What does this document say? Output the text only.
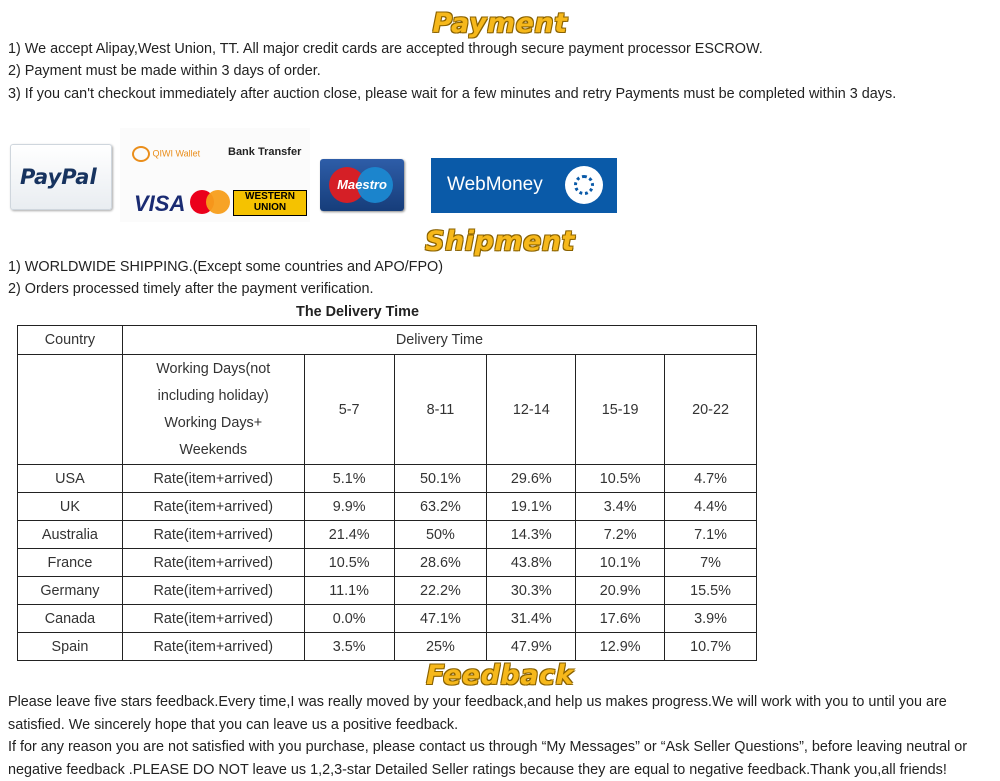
Payment
1) We accept Alipay,West Union, TT. All major credit cards are accepted through secure payment processor ESCROW.
2) Payment must be made within 3 days of order.
3) If you can't checkout immediately after auction close, please wait for a few minutes and retry Payments must be completed within 3 days.
PayPal
QIWI Wallet	Bank Transfer
VISA	WESTERN UNION
Maestro	WebMoney
Shipment
1) WORLDWIDE SHIPPING.(Except some countries and APO/FPO)
2) Orders processed timely after the payment verification.
The Delivery Time
Country	Delivery Time					

	Working Days(not
including holiday)
Working Days+
Weekends	5-7	8-11	12-14	15-19	20-22
USA	Rate(item+arrived)	5.1%	50.1%	29.6%	10.5%	4.7%
UK	Rate(item+arrived)	9.9%	63.2%	19.1%	3.4%	4.4%
Australia	Rate(item+arrived)	21.4%	50%	14.3%	7.2%	7.1%
France	Rate(item+arrived)	10.5%	28.6%	43.8%	10.1%	7%
Germany	Rate(item+arrived)	11.1%	22.2%	30.3%	20.9%	15.5%
Canada	Rate(item+arrived)	0.0%	47.1%	31.4%	17.6%	3.9%
Spain	Rate(item+arrived)	3.5%	25%	47.9%	12.9%	10.7%
Feedback
Please leave five stars feedback.Every time,I was really moved by your feedback,and help us makes progress.We will work with you to until you are satisfied. We sincerely hope that you can leave us a positive feedback.
If for any reason you are not satisfied with you purchase, please contact us through “My Messages” or “Ask Seller Questions”, before leaving neutral or negative feedback .PLEASE DO NOT leave us 1,2,3-star Detailed Seller ratings because they are equal to negative feedback.Thank you,all friends!
